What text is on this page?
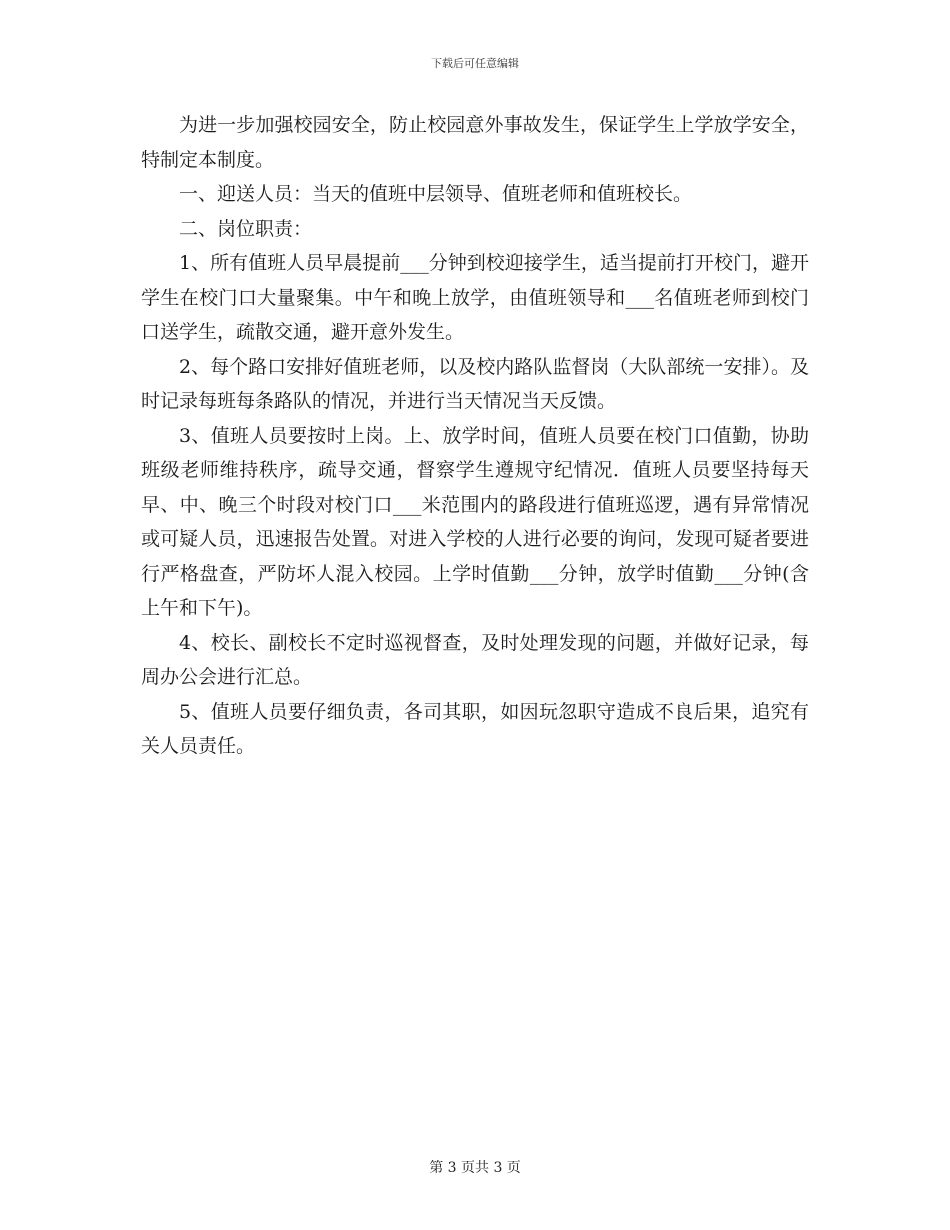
下载后可任意编辑

为进一步加强校园安全，防止校园意外事故发生，保证学生上学放学安全，特制定本制度。

一、迎送人员：当天的值班中层领导、值班老师和值班校长。

二、岗位职责：

1、所有值班人员早晨提前___分钟到校迎接学生，适当提前打开校门，避开学生在校门口大量聚集。中午和晚上放学，由值班领导和___名值班老师到校门口送学生，疏散交通，避开意外发生。

2、每个路口安排好值班老师，以及校内路队监督岗（大队部统一安排）。及时记录每班每条路队的情况，并进行当天情况当天反馈。

3、值班人员要按时上岗。上、放学时间，值班人员要在校门口值勤，协助班级老师维持秩序，疏导交通，督察学生遵规守纪情况．值班人员要坚持每天早、中、晚三个时段对校门口___米范围内的路段进行值班巡逻，遇有异常情况或可疑人员，迅速报告处置。对进入学校的人进行必要的询问，发现可疑者要进行严格盘查，严防坏人混入校园。上学时值勤___分钟，放学时值勤___分钟(含上午和下午)。

4、校长、副校长不定时巡视督查，及时处理发现的问题，并做好记录，每周办公会进行汇总。

5、值班人员要仔细负责，各司其职，如因玩忽职守造成不良后果，追究有关人员责任。

第 3 页共 3 页
